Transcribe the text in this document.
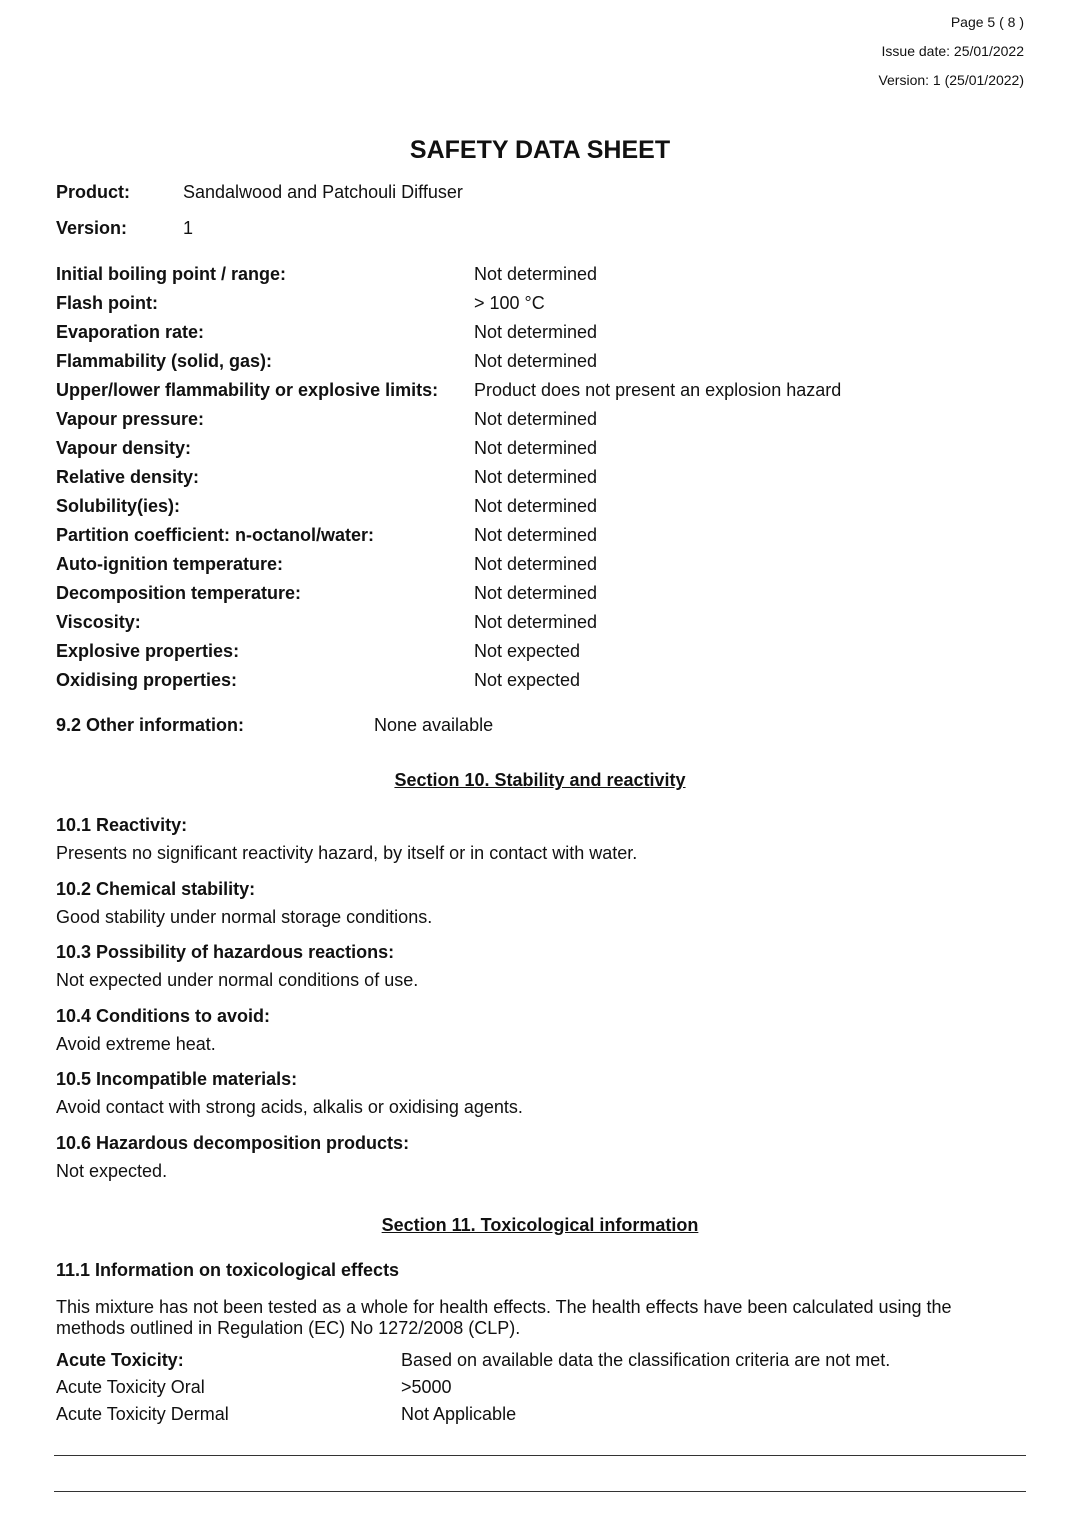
Page 5 ( 8 )
Issue date: 25/01/2022
Version: 1 (25/01/2022)
SAFETY DATA SHEET
Product:	Sandalwood and Patchouli Diffuser
Version:	1
Initial boiling point / range:	Not determined
Flash point:	> 100 °C
Evaporation rate:	Not determined
Flammability (solid, gas):	Not determined
Upper/lower flammability or explosive limits: Product does not present an explosion hazard
Vapour pressure:	Not determined
Vapour density:	Not determined
Relative density:	Not determined
Solubility(ies):	Not determined
Partition coefficient: n-octanol/water:	Not determined
Auto-ignition temperature:	Not determined
Decomposition temperature:	Not determined
Viscosity:	Not determined
Explosive properties:	Not expected
Oxidising properties:	Not expected
9.2 Other information:	None available
Section 10. Stability and reactivity
10.1 Reactivity:
Presents no significant reactivity hazard, by itself or in contact with water.
10.2 Chemical stability:
Good stability under normal storage conditions.
10.3 Possibility of hazardous reactions:
Not expected under normal conditions of use.
10.4 Conditions to avoid:
Avoid extreme heat.
10.5 Incompatible materials:
Avoid contact with strong acids, alkalis or oxidising agents.
10.6 Hazardous decomposition products:
Not expected.
Section 11. Toxicological information
11.1 Information on toxicological effects
This mixture has not been tested as a whole for health effects. The health effects have been calculated using the methods outlined in Regulation (EC) No 1272/2008 (CLP).
Acute Toxicity:	Based on available data the classification criteria are not met.
Acute Toxicity Oral	>5000
Acute Toxicity Dermal	Not Applicable
